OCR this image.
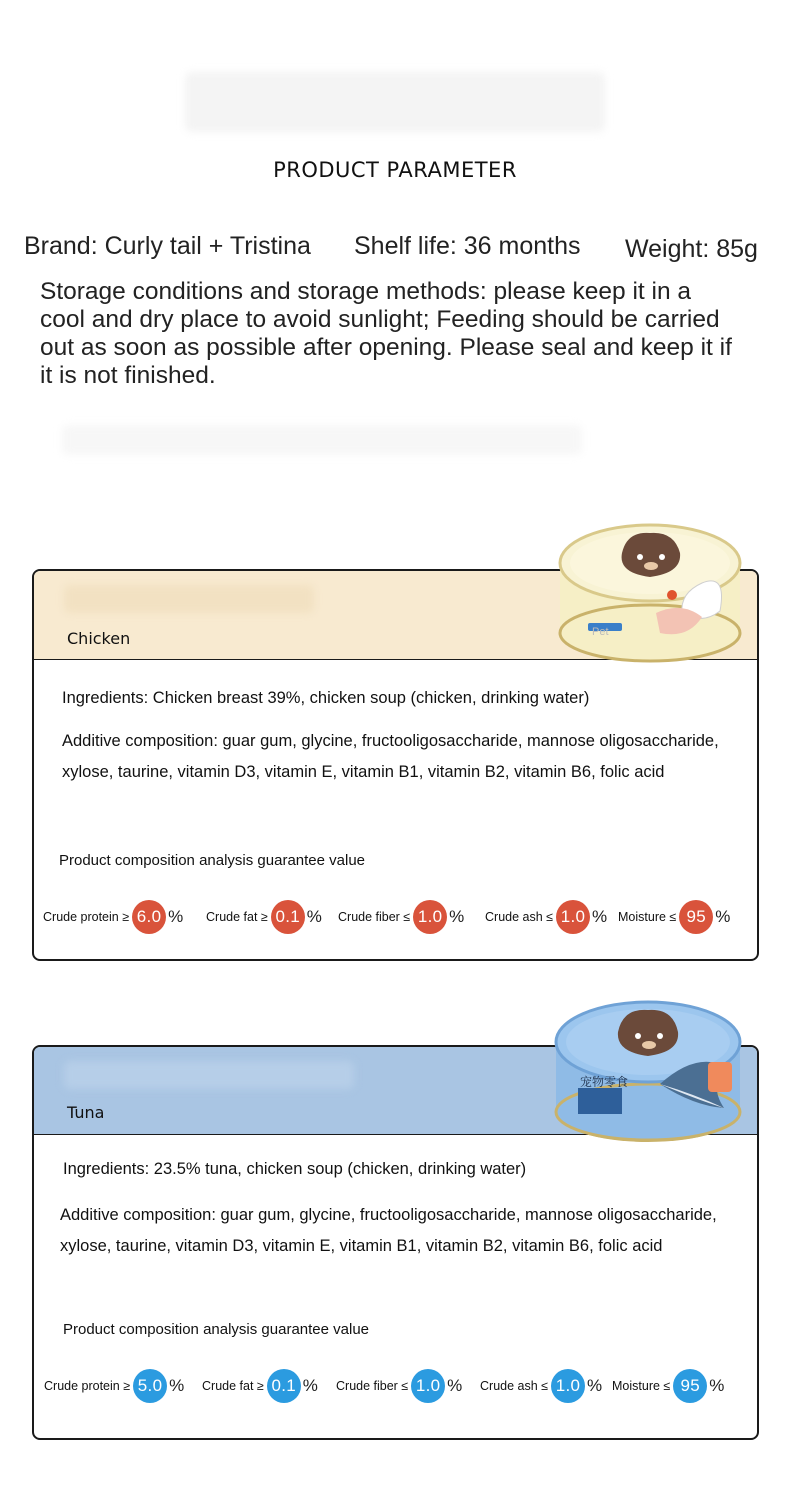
PRODUCT PARAMETER
Brand: Curly tail + Tristina Shelf life: 36 months Weight: 85g
Storage conditions and storage methods: please keep it in a cool and dry place to avoid sunlight; Feeding should be carried out as soon as possible after opening. Please seal and keep it if it is not finished.
Chicken
Ingredients: Chicken breast 39%, chicken soup (chicken, drinking water)
Additive composition: guar gum, glycine, fructooligosaccharide, mannose oligosaccharide, xylose, taurine, vitamin D3, vitamin E, vitamin B1, vitamin B2, vitamin B6, folic acid
Product composition analysis guarantee value
Crude protein ≥ 6.0 % Crude fat ≥ 0.1 % Crude fiber ≤ 1.0 % Crude ash ≤ 1.0 % Moisture ≤ 95 %
Pet
Tuna
Ingredients: 23.5% tuna, chicken soup (chicken, drinking water)
Additive composition: guar gum, glycine, fructooligosaccharide, mannose oligosaccharide, xylose, taurine, vitamin D3, vitamin E, vitamin B1, vitamin B2, vitamin B6, folic acid
Product composition analysis guarantee value
Crude protein ≥ 5.0 % Crude fat ≥ 0.1 % Crude fiber ≤ 1.0 % Crude ash ≤ 1.0 % Moisture ≤ 95 %
宠物零食
